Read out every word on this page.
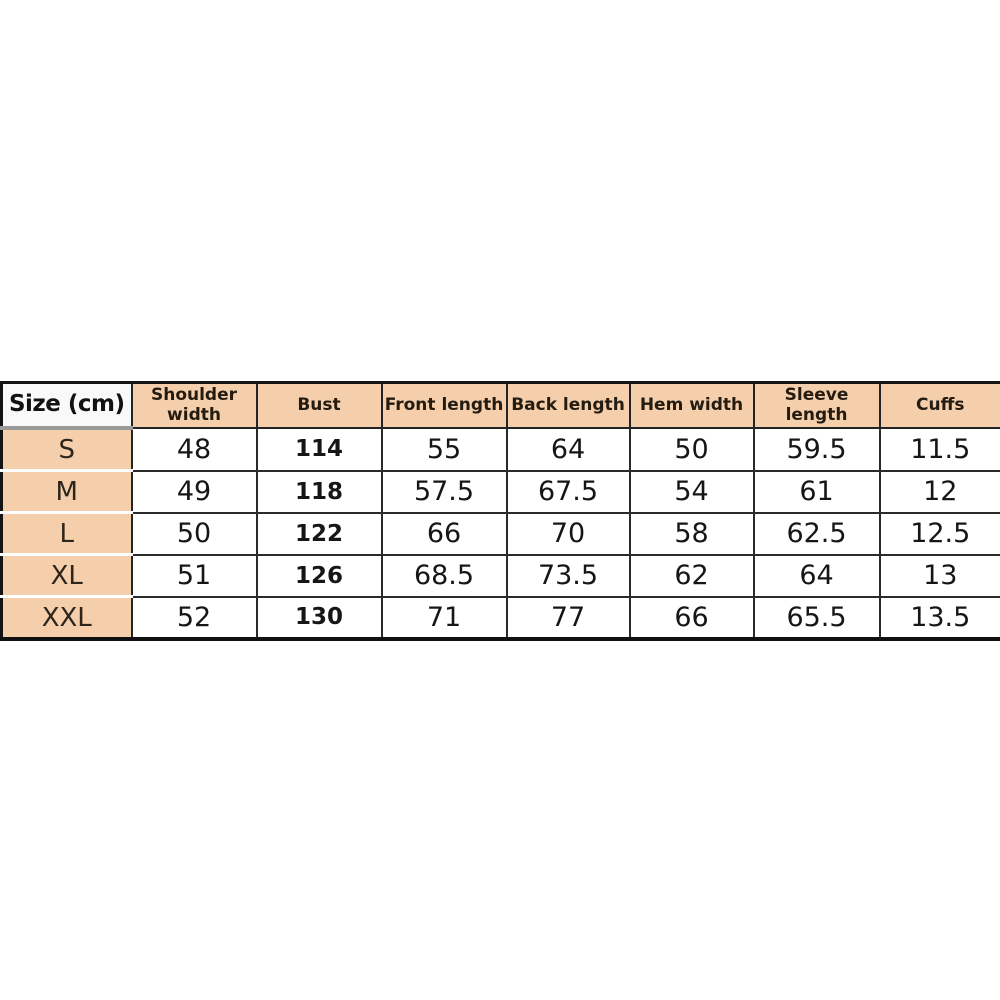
Size (cm)	Shoulder width	Bust	Front length	Back length	Hem width	Sleeve length	Cuffs
S	48	114	55	64	50	59.5	11.5
M	49	118	57.5	67.5	54	61	12
L	50	122	66	70	58	62.5	12.5
XL	51	126	68.5	73.5	62	64	13
XXL	52	130	71	77	66	65.5	13.5
